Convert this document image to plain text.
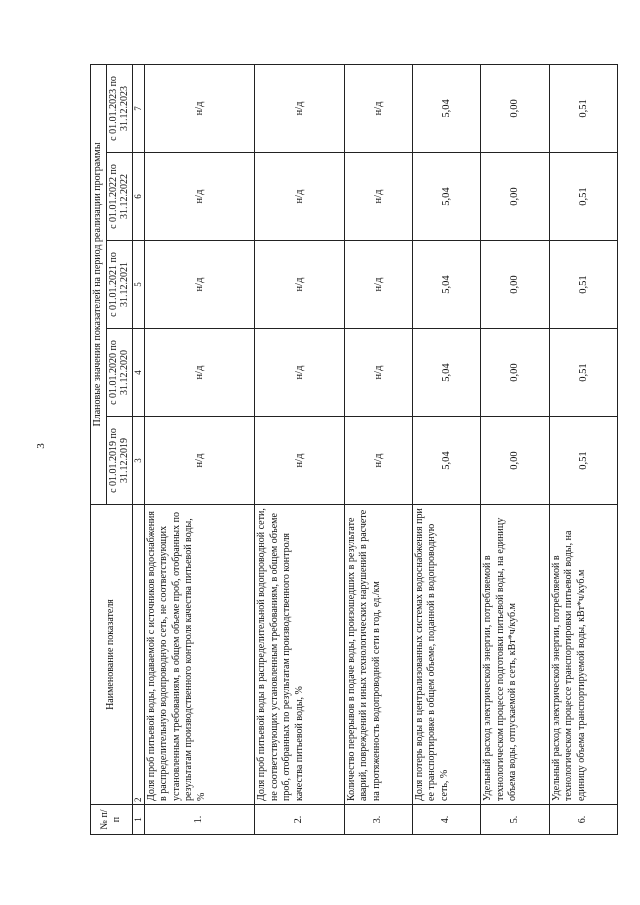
3
№ п/п	Наименование показателя	Плановые значения показателей на период реализации программы				
		с 01.01.2019 по 31.12.2019	с 01.01.2020 по 31.12.2020	с 01.01.2021 по 31.12.2021	с 01.01.2022 по 31.12.2022	с 01.01.2023 по 31.12.2023
1	2	3	4	5	6	7
1.	Доля проб питьевой воды, подаваемой с источников водоснабжения в распределительную водопроводную сеть, не соответствующих установленным требованиям, в общем объеме проб, отобранных по результатам производственного контроля качества питьевой воды, %	н/д	н/д	н/д	н/д	н/д
2.	Доля проб питьевой воды в распределительной водопроводной сети, не соответствующих установленным требованиям, в общем объеме проб, отобранных по результатам производственного контроля качества питьевой воды, %	н/д	н/д	н/д	н/д	н/д
3.	Количество перерывов в подаче воды, произошедших в результате аварий, повреждений и иных технологических нарушений в расчете на протяженность водопроводной сети в год, ед./км	н/д	н/д	н/д	н/д	н/д
4.	Доля потерь воды в централизованных системах водоснабжения при ее транспортировке в общем объеме, поданной в водопроводную сеть, %	5,04	5,04	5,04	5,04	5,04
5.	Удельный расход электрической энергии, потребляемой в технологическом процессе подготовки питьевой воды, на единицу объема воды, отпускаемой в сеть, кВт*ч/куб.м	0,00	0,00	0,00	0,00	0,00
6.	Удельный расход электрической энергии, потребляемой в технологическом процессе транспортировки питьевой воды, на единицу объема транспортируемой воды, кВт*ч/куб.м	0,51	0,51	0,51	0,51	0,51
